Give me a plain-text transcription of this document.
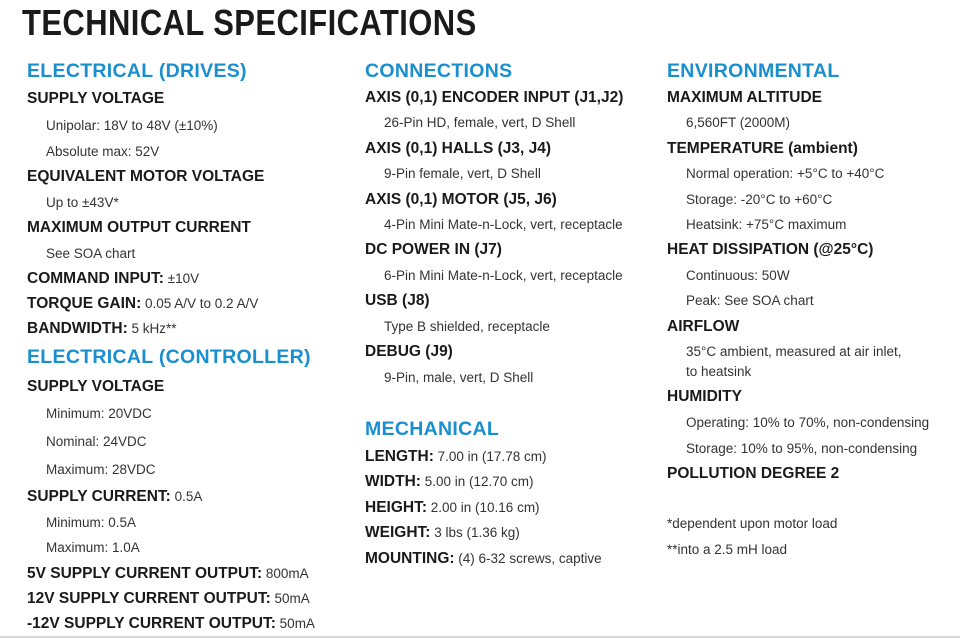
TECHNICAL SPECIFICATIONS
ELECTRICAL (DRIVES)
SUPPLY VOLTAGE
Unipolar: 18V to 48V (±10%)
Absolute max: 52V
EQUIVALENT MOTOR VOLTAGE
Up to ±43V*
MAXIMUM OUTPUT CURRENT
See SOA chart
COMMAND INPUT: ±10V
TORQUE GAIN: 0.05 A/V to 0.2 A/V
BANDWIDTH: 5 kHz**
ELECTRICAL (CONTROLLER)
SUPPLY VOLTAGE
Minimum: 20VDC
Nominal: 24VDC
Maximum: 28VDC
SUPPLY CURRENT: 0.5A
Minimum: 0.5A
Maximum: 1.0A
5V SUPPLY CURRENT OUTPUT: 800mA
12V SUPPLY CURRENT OUTPUT: 50mA
-12V SUPPLY CURRENT OUTPUT: 50mA
CONNECTIONS
AXIS (0,1) ENCODER INPUT (J1,J2)
26-Pin HD, female, vert, D Shell
AXIS (0,1) HALLS (J3, J4)
9-Pin female, vert, D Shell
AXIS (0,1) MOTOR (J5, J6)
4-Pin Mini Mate-n-Lock, vert, receptacle
DC POWER IN (J7)
6-Pin Mini Mate-n-Lock, vert, receptacle
USB (J8)
Type B shielded, receptacle
DEBUG (J9)
9-Pin, male, vert, D Shell
MECHANICAL
LENGTH: 7.00 in (17.78 cm)
WIDTH: 5.00 in (12.70 cm)
HEIGHT: 2.00 in (10.16 cm)
WEIGHT: 3 lbs (1.36 kg)
MOUNTING: (4) 6-32 screws, captive
ENVIRONMENTAL
MAXIMUM ALTITUDE
6,560FT (2000M)
TEMPERATURE (ambient)
Normal operation: +5°C to +40°C
Storage: -20°C to +60°C
Heatsink: +75°C maximum
HEAT DISSIPATION (@25°C)
Continuous: 50W
Peak: See SOA chart
AIRFLOW
35°C ambient, measured at air inlet,
to heatsink
HUMIDITY
Operating: 10% to 70%, non-condensing
Storage: 10% to 95%, non-condensing
POLLUTION DEGREE 2
*dependent upon motor load
**into a 2.5 mH load
